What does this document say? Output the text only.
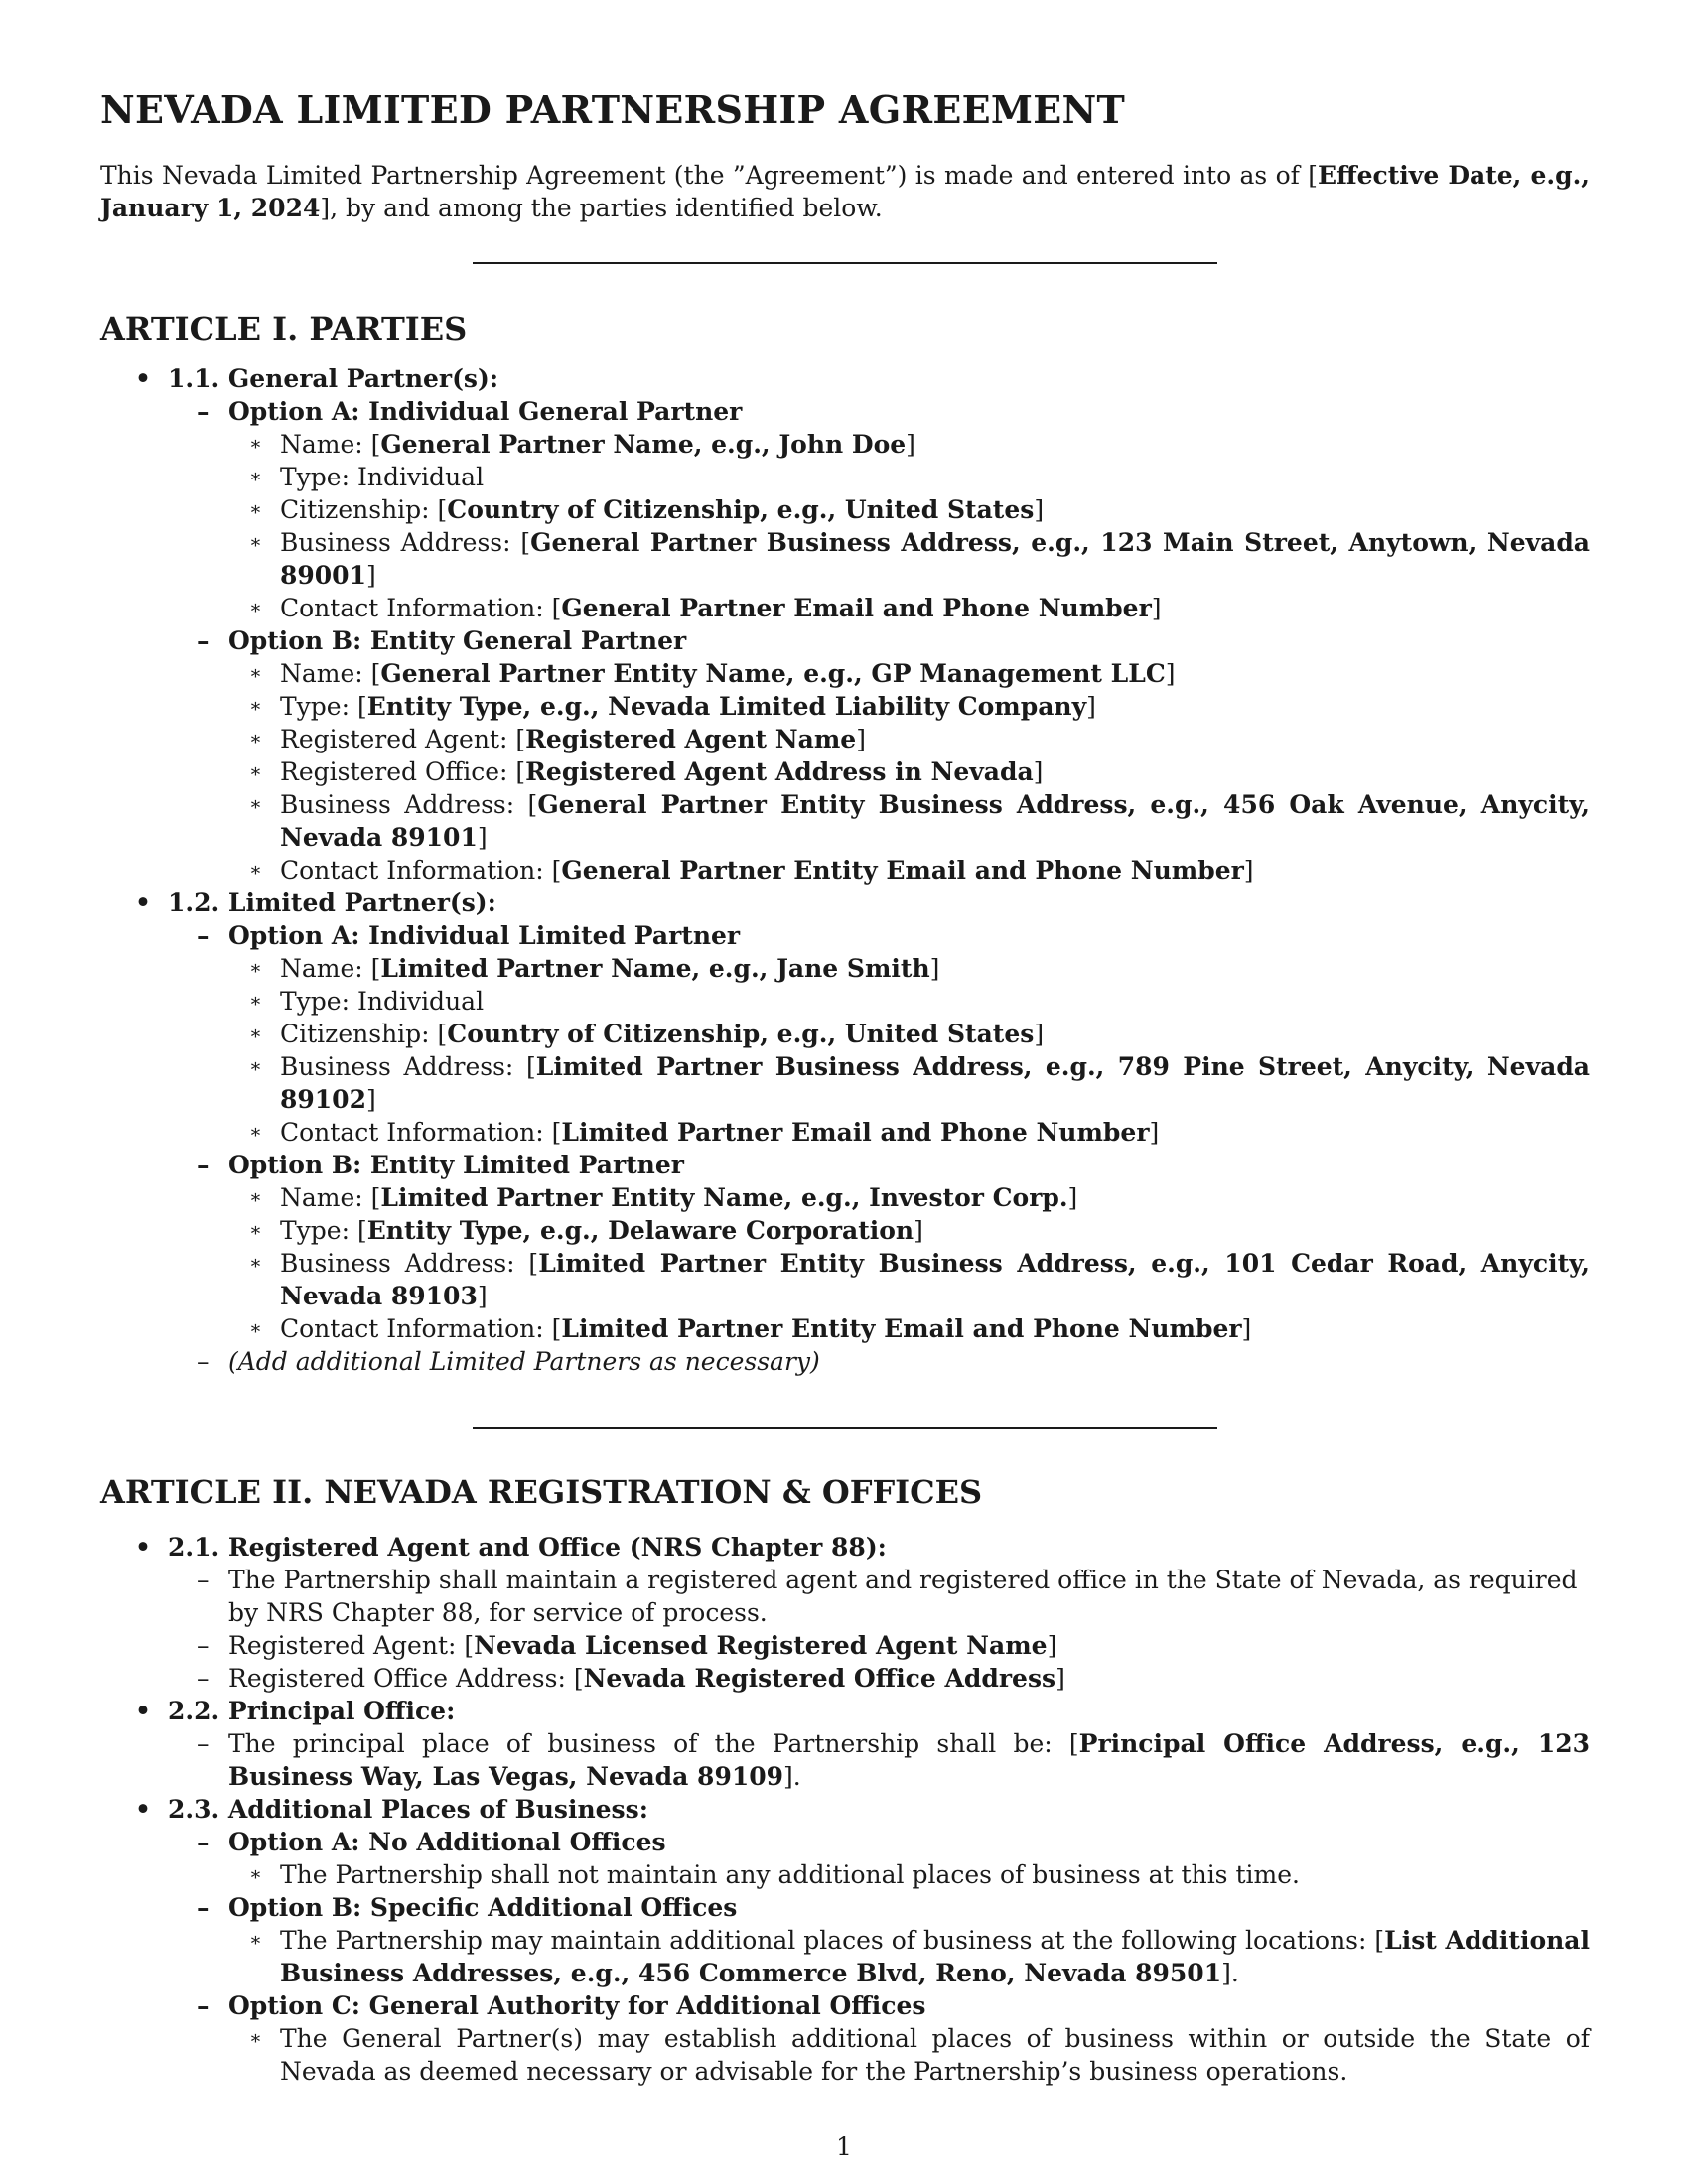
NEVADA LIMITED PARTNERSHIP AGREEMENT

This Nevada Limited Partnership Agreement (the ”Agreement”) is made and entered into as of [Effective Date, e.g., January 1, 2024], by and among the parties identified below.

ARTICLE I. PARTIES
• 1.1. General Partner(s):
– Option A: Individual General Partner
∗ Name: [General Partner Name, e.g., John Doe]
∗ Type: Individual
∗ Citizenship: [Country of Citizenship, e.g., United States]
∗ Business Address: [General Partner Business Address, e.g., 123 Main Street, Anytown, Nevada 89001]
∗ Contact Information: [General Partner Email and Phone Number]
– Option B: Entity General Partner
∗ Name: [General Partner Entity Name, e.g., GP Management LLC]
∗ Type: [Entity Type, e.g., Nevada Limited Liability Company]
∗ Registered Agent: [Registered Agent Name]
∗ Registered Office: [Registered Agent Address in Nevada]
∗ Business Address: [General Partner Entity Business Address, e.g., 456 Oak Avenue, Anycity, Nevada 89101]
∗ Contact Information: [General Partner Entity Email and Phone Number]
• 1.2. Limited Partner(s):
– Option A: Individual Limited Partner
∗ Name: [Limited Partner Name, e.g., Jane Smith]
∗ Type: Individual
∗ Citizenship: [Country of Citizenship, e.g., United States]
∗ Business Address: [Limited Partner Business Address, e.g., 789 Pine Street, Anycity, Nevada 89102]
∗ Contact Information: [Limited Partner Email and Phone Number]
– Option B: Entity Limited Partner
∗ Name: [Limited Partner Entity Name, e.g., Investor Corp.]
∗ Type: [Entity Type, e.g., Delaware Corporation]
∗ Business Address: [Limited Partner Entity Business Address, e.g., 101 Cedar Road, Anycity, Nevada 89103]
∗ Contact Information: [Limited Partner Entity Email and Phone Number]
– (Add additional Limited Partners as necessary)
ARTICLE II. NEVADA REGISTRATION & OFFICES
• 2.1. Registered Agent and Office (NRS Chapter 88):
– The Partnership shall maintain a registered agent and registered office in the State of Nevada, as required by NRS Chapter 88, for service of process.
– Registered Agent: [Nevada Licensed Registered Agent Name]
– Registered Office Address: [Nevada Registered Office Address]
• 2.2. Principal Office:
– The principal place of business of the Partnership shall be: [Principal Office Address, e.g., 123 Business Way, Las Vegas, Nevada 89109].
• 2.3. Additional Places of Business:
– Option A: No Additional Offices
∗ The Partnership shall not maintain any additional places of business at this time.
– Option B: Specific Additional Offices
∗ The Partnership may maintain additional places of business at the following locations: [List Additional Business Addresses, e.g., 456 Commerce Blvd, Reno, Nevada 89501].
– Option C: General Authority for Additional Offices
∗ The General Partner(s) may establish additional places of business within or outside the State of Nevada as deemed necessary or advisable for the Partnership’s business operations.
1
